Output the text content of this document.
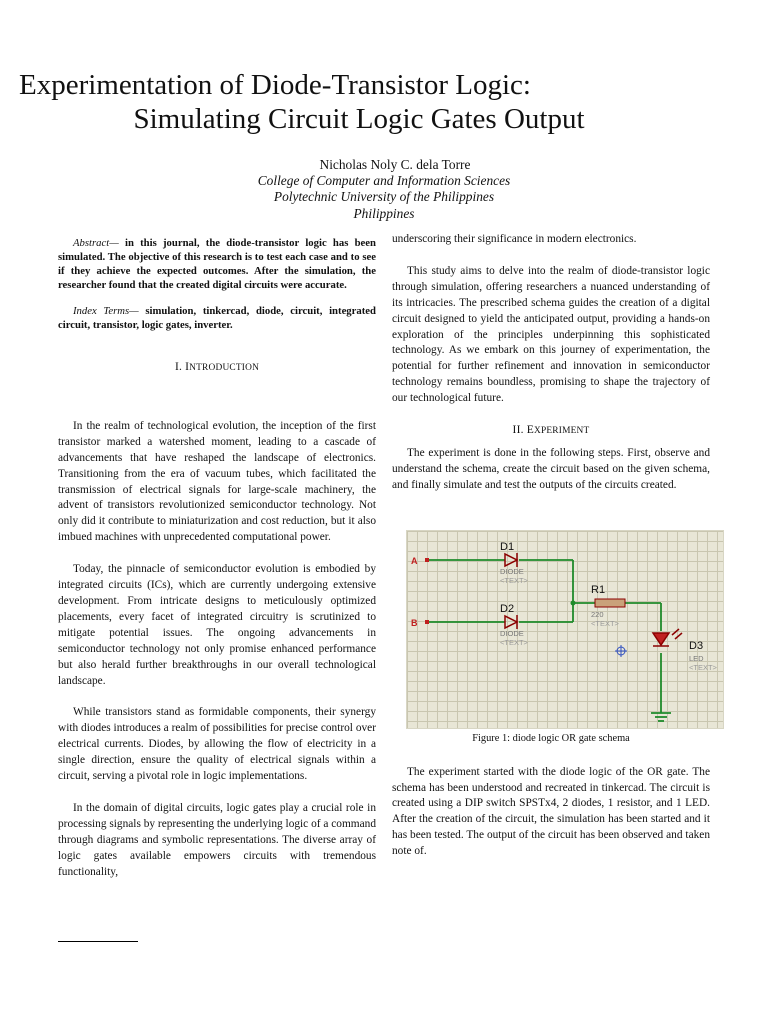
Experimentation of Diode-Transistor Logic:
Simulating Circuit Logic Gates Output
Nicholas Noly C. dela Torre
College of Computer and Information Sciences
Polytechnic University of the Philippines
Philippines

Abstract— in this journal, the diode-transistor logic has been simulated. The objective of this research is to test each case and to see if they achieve the expected outcomes. After the simulation, the researcher found that the created digital circuits were accurate.

Index Terms— simulation, tinkercad, diode, circuit, integrated circuit, transistor, logic gates, inverter.

I. INTRODUCTION

In the realm of technological evolution, the inception of the first transistor marked a watershed moment, leading to a cascade of advancements that have reshaped the landscape of electronics. Transitioning from the era of vacuum tubes, which facilitated the transmission of electrical signals for large-scale machinery, the advent of transistors revolutionized semiconductor technology. Not only did it contribute to miniaturization and cost reduction, but it also imbued machines with unprecedented computational power.

Today, the pinnacle of semiconductor evolution is embodied by integrated circuits (ICs), which are currently undergoing extensive development. From intricate designs to meticulously optimized placements, every facet of integrated circuitry is scrutinized to mitigate potential issues. The ongoing advancements in semiconductor technology not only promise enhanced performance but also herald further breakthroughs in our overall technological landscape.

While transistors stand as formidable components, their synergy with diodes introduces a realm of possibilities for precise control over electrical currents. Diodes, by allowing the flow of electricity in a single direction, ensure the quality of electrical signals within a circuit, serving a pivotal role in logic implementations.

In the domain of digital circuits, logic gates play a crucial role in processing signals by representing the underlying logic of a command through diagrams and symbolic representations. The diverse array of logic gates available empowers circuits with tremendous functionality,

underscoring their significance in modern electronics.

This study aims to delve into the realm of diode-transistor logic through simulation, offering researchers a nuanced understanding of its intricacies. The prescribed schema guides the creation of a digital circuit designed to yield the anticipated output, providing a hands-on exploration of the principles underpinning this sophisticated technology. As we embark on this journey of experimentation, the potential for further refinement and innovation in semiconductor technology remains boundless, promising to shape the trajectory of our technological future.

II. EXPERIMENT

The experiment is done in the following steps. First, observe and understand the schema, create the circuit based on the given schema, and finally simulate and test the outputs of the circuits created.

A
B
D1
DIODE
<TEXT>
D2
DIODE
<TEXT>
R1
220
<TEXT>
D3
LED
<TEXT>
Figure 1: diode logic OR gate schema

The experiment started with the diode logic of the OR gate. The schema has been understood and recreated in tinkercad. The circuit is created using a DIP switch SPSTx4, 2 diodes, 1 resistor, and 1 LED. After the creation of the circuit, the simulation has been started and it has been tested. The output of the circuit has been observed and taken note of.
